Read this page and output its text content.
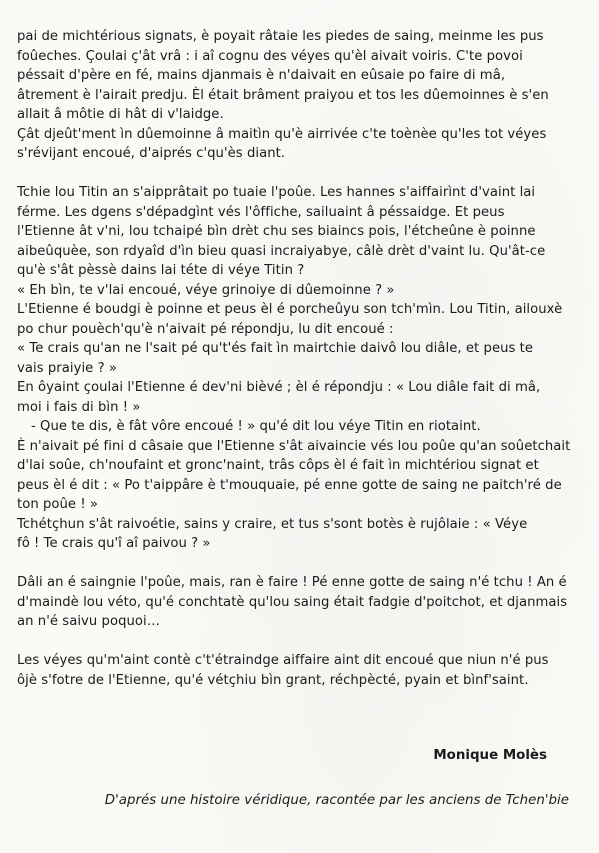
pai de michtérious signats, è poyait râtaie les piedes de saing, meinme les pus
foûeches. Çoulai ç'ât vrâ : i aî cognu des véyes qu'èl aivait voiris. C'te povoi
péssait d'père en fé, mains djanmais è n'daivait en eûsaie po faire di mâ,
âtrement è l'airait predju. Èl était brâment praiyou et tos les dûemoinnes è s'en
allait â môtie di hât di v'laidge.

Çât djeût'ment ìn dûemoinne â maitìn qu'è airrivée c'te toènèe qu'les tot véyes
s'révijant encoué, d'aiprés c'qu'ès diant.

Tchie lou Titin an s'aipprâtait po tuaie l'poûe. Les hannes s'aiffairìnt d'vaint lai
férme. Les dgens s'dépadgìnt vés l'ôffiche, sailuaint â péssaidge. Et peus
l'Etienne ât v'ni, lou tchaipé bìn drèt chu ses biaincs pois, l'étcheûne è poinne
aibeûquèe, son rdyaîd d'ìn bieu quasi incraiyabye, câlè drèt d'vaint lu. Qu'ât-ce
qu'è s'ât pèssè dains lai téte di véye Titin ?
« Eh bìn, te v'lai encoué, véye grinoiye di dûemoinne ? »
L'Etienne é boudgi è poinne et peus èl é porcheûyu son tch'mìn. Lou Titin, ailouxè
po chur pouèch'qu'è n'aivait pé répondju, lu dit encoué :
« Te crais qu'an ne l'sait pé qu't'és fait ìn mairtchie daivô lou diâle, et peus te
vais praiyie ? »
En ôyaint çoulai l'Etienne é dev'ni bièvé ; èl é répondju : « Lou diâle fait di mâ,
moi i fais di bìn ! »

- Que te dis, è fât vôre encoué ! » qu'é dit lou véye Titin en riotaint.

È n'aivait pé fini d câsaie que l'Etienne s'ât aivaincie vés lou poûe qu'an soûetchait
d'lai soûe, ch'noufaint et gronc'naint, trâs côps èl é fait ìn michtériou signat et
peus èl é dit : « Po t'aippâre è t'mouquaie, pé enne gotte de saing ne paitch'ré de
ton poûe ! »
Tchétçhun s'ât raivoétie, sains y craire, et tus s'sont botès è rujôlaie : « Véye
fô ! Te crais qu'î aî paivou ? »

Dâli an é saingnie l'poûe, mais, ran è faire ! Pé enne gotte de saing n'é tchu ! An é
d'maindè lou véto, qu'é conchtatè qu'lou saing était fadgie d'poitchot, et djanmais
an n'é saivu poquoi…

Les véyes qu'm'aint contè c't'étraindge aiffaire aint dit encoué que niun n'é pus
ôjè s'fotre de l'Etienne, qu'é vétçhiu bìn grant, réchpècté, pyain et bìnf'saint.

Monique Molès
D'aprés une histoire véridique, racontée par les anciens de Tchen'bie
